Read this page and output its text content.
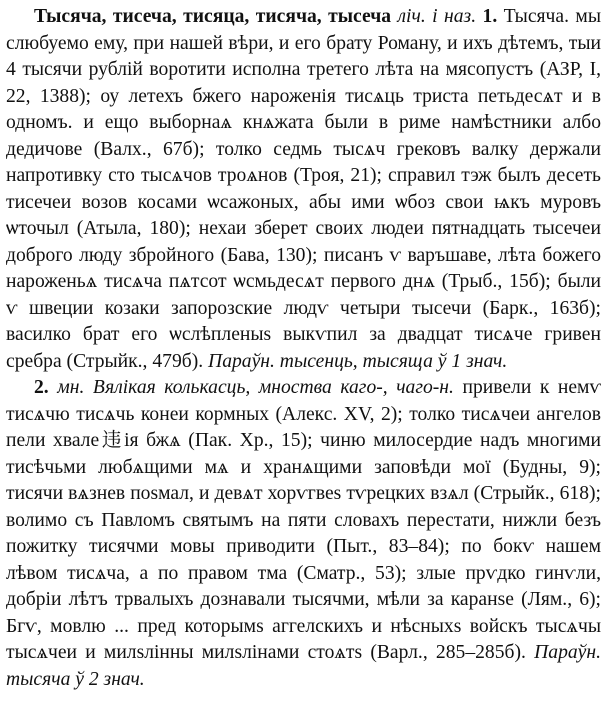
Тысяча, тисеча, тисяца, тисяча, тысеча ліч. і наз. 1. Тысяча. мы слюбуемо ему, при нашей вѣри, и его брату Роману, и ихъ дѣтемъ, тыи 4 тысячи рублій воротити исполна третего лѣта на мясопустъ (АЗР, I, 22, 1388); оу летехъ бжего нароженія тисѧць триста петьдесѧт и в одномъ. и ещо выборнаѧ кнѧжата были в риме намѣстники албо дедичове (Валх., 67б); толко седмь тысѧч грековъ валку держали напротивку сто тысѧчов троѧнов (Троя, 21); справил тэж былъ десеть тисечеи возов косами ѡсажоных, абы ими ѡбоз свои ѩкъ муровъ ѡточыл (Атыла, 180); нехаи зберет своих людеи пятнадцать тысечеи доброго люду збройного (Бава, 130); писанъ ѵ варъшаве, лѣта божего нароженьѧ тисѧча пѧтсот ѡсмьдесѧт первого днѧ (Трыб., 15б); были ѵ швеции козаки запорозские людѵ четыри тысечи (Барк., 163б); василко брат его ѡслѣпленыs выкѵпил за двадцат тисѧче гривен сребра (Стрыйк., 479б). Параўн. тысенць, тысяща ў 1 знач.

2. мн. Вялікая колькасць, мноства каго-, чаго-н. привели к немѵ тисѧчю тисѧчь конеи кормных (Алекс. XV, 2); толко тисѧчеи ангелов пели хвале违ія бжѧ (Пак. Хр., 15); чиню милосердие надъ многими тисѣчьми любѧщими мѧ и хранѧщими заповѣди мої (Будны, 9); тисячи вѧзнев поsмал, и девѧт хорѵгвеs тѵрецких взѧл (Стрыйк., 618); волимо съ Павломъ святымъ на пяти словахъ перестати, нижли безъ пожитку тисячми мовы приводити (Пыт., 83–84); по бокѵ нашем лѣвом тисѧча, а по правом тма (Сматр., 53); злые прѵдко гинѵли, добріи лѣтъ трвалыхъ дознавали тысячми, мѣли за каранsе (Лям., 6); Бгѵ, мовлю ... пред которымs аггелскихъ и нѣсныхs войскъ тысѧчы тысѧчеи и милsлінны милsлінами стоѧтs (Варл., 285–285б). Параўн. тысяча ў 2 знач.
